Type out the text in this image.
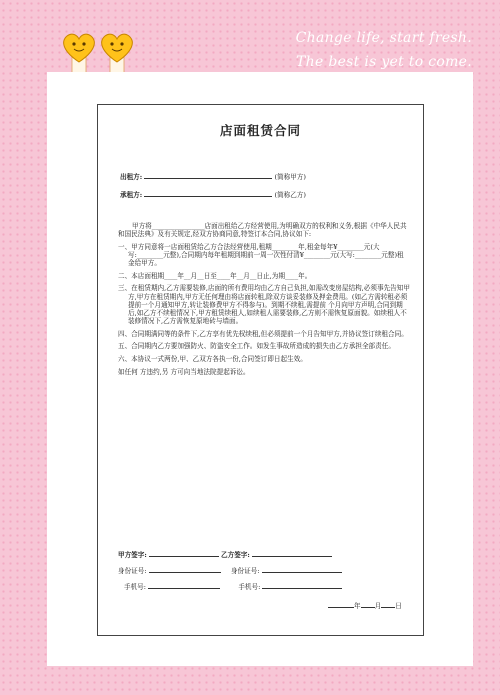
Change life, start fresh.
The best is yet to come.
店面租赁合同
出租方:	(简称甲方)
承租方:	(简称乙方)

甲方将________________店面出租给乙方经营使用,为明确双方的权利和义务,根据《中华人民共和国民法典》及有关规定,经双方协商同意,特签订本合同,协议如下:

一、甲方同意将一店面租赁给乙方合法经营使用,租期________年,租金每年¥________元(大写:________元整),合同期内每年租期到期前一周一次性付清¥________元(大写:________元整)租金给甲方。

二、本店面租期____年__月__日至____年__月__日止,为期____年。

三、在租赁期内,乙方需要装修,店面的所有费用均由乙方自己负担,如需改变房屋结构,必须事先告知甲方,甲方在租赁期内,甲方无任何理由将店面转租,除双方谈妥装修及押金费用。(如乙方需转租必须提前一个月通知甲方,转让装修费甲方不得参与)。到期不续租,需提前 个月向甲方声明,合同到期后,如乙方不续租情况下,甲方租赁续租人,如续租人需要装修,乙方则不需恢复原面貌。如续租人不装修情况下,乙方需恢复原地砖与墙面。

四、合同期满同等的条件下,乙方享有优先权续租,但必须提前一个月告知甲方,并协议签订续租合同。

五、合同期内乙方要加强防火、防盗安全工作。如发生事故所造成的损失由乙方承担全部责任。

六、本协议一式两份,甲、乙双方各执一份,合同签订即日起生效。

如任何 方违约,另 方可向当地法院提起诉讼。

甲方签字:	乙方签字:
身份证号:	身份证号:
手机号:	手机号:
年 月 日
